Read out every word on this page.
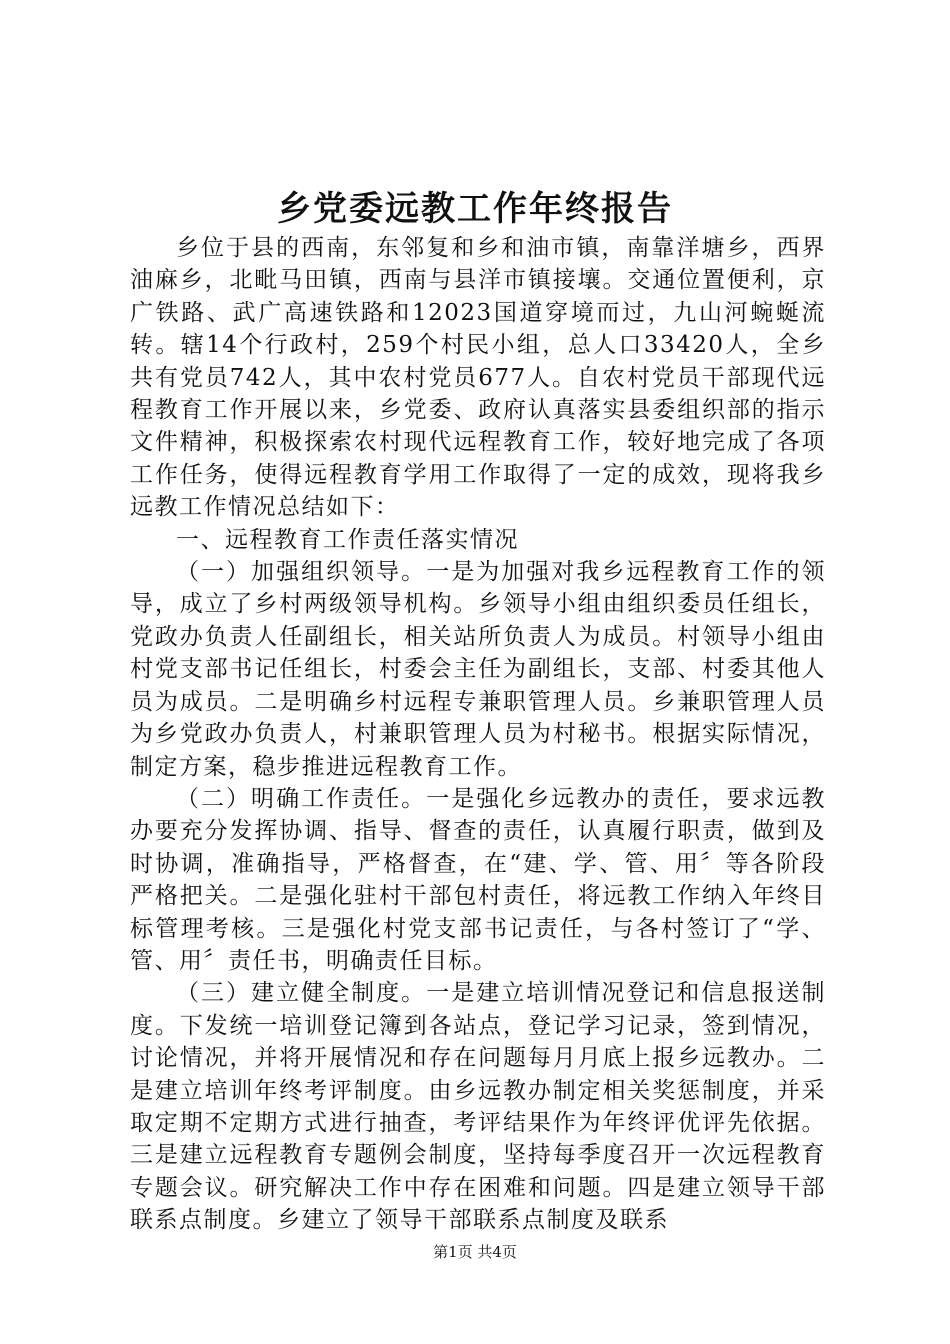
乡党委远教工作年终报告

乡位于县的西南，东邻复和乡和油市镇，南靠洋塘乡，西界油麻乡，北毗马田镇，西南与县洋市镇接壤。交通位置便利，京广铁路、武广高速铁路和12023国道穿境而过，九山河蜿蜒流转。辖14个行政村，259个村民小组，总人口33420人，全乡共有党员742人，其中农村党员677人。自农村党员干部现代远程教育工作开展以来，乡党委、政府认真落实县委组织部的指示文件精神，积极探索农村现代远程教育工作，较好地完成了各项工作任务，使得远程教育学用工作取得了一定的成效，现将我乡远教工作情况总结如下：

一、远程教育工作责任落实情况

（一）加强组织领导。一是为加强对我乡远程教育工作的领导，成立了乡村两级领导机构。乡领导小组由组织委员任组长，党政办负责人任副组长，相关站所负责人为成员。村领导小组由村党支部书记任组长，村委会主任为副组长，支部、村委其他人员为成员。二是明确乡村远程专兼职管理人员。乡兼职管理人员为乡党政办负责人，村兼职管理人员为村秘书。根据实际情况，制定方案，稳步推进远程教育工作。

（二）明确工作责任。一是强化乡远教办的责任，要求远教办要充分发挥协调、指导、督查的责任，认真履行职责，做到及时协调，准确指导，严格督查，在“建、学、管、用〞等各阶段严格把关。二是强化驻村干部包村责任，将远教工作纳入年终目标管理考核。三是强化村党支部书记责任，与各村签订了“学、管、用〞责任书，明确责任目标。

（三）建立健全制度。一是建立培训情况登记和信息报送制度。下发统一培训登记簿到各站点，登记学习记录，签到情况，讨论情况，并将开展情况和存在问题每月月底上报乡远教办。二是建立培训年终考评制度。由乡远教办制定相关奖惩制度，并采取定期不定期方式进行抽查，考评结果作为年终评优评先依据。三是建立远程教育专题例会制度，坚持每季度召开一次远程教育专题会议。研究解决工作中存在困难和问题。四是建立领导干部联系点制度。乡建立了领导干部联系点制度及联系

第1页 共4页
